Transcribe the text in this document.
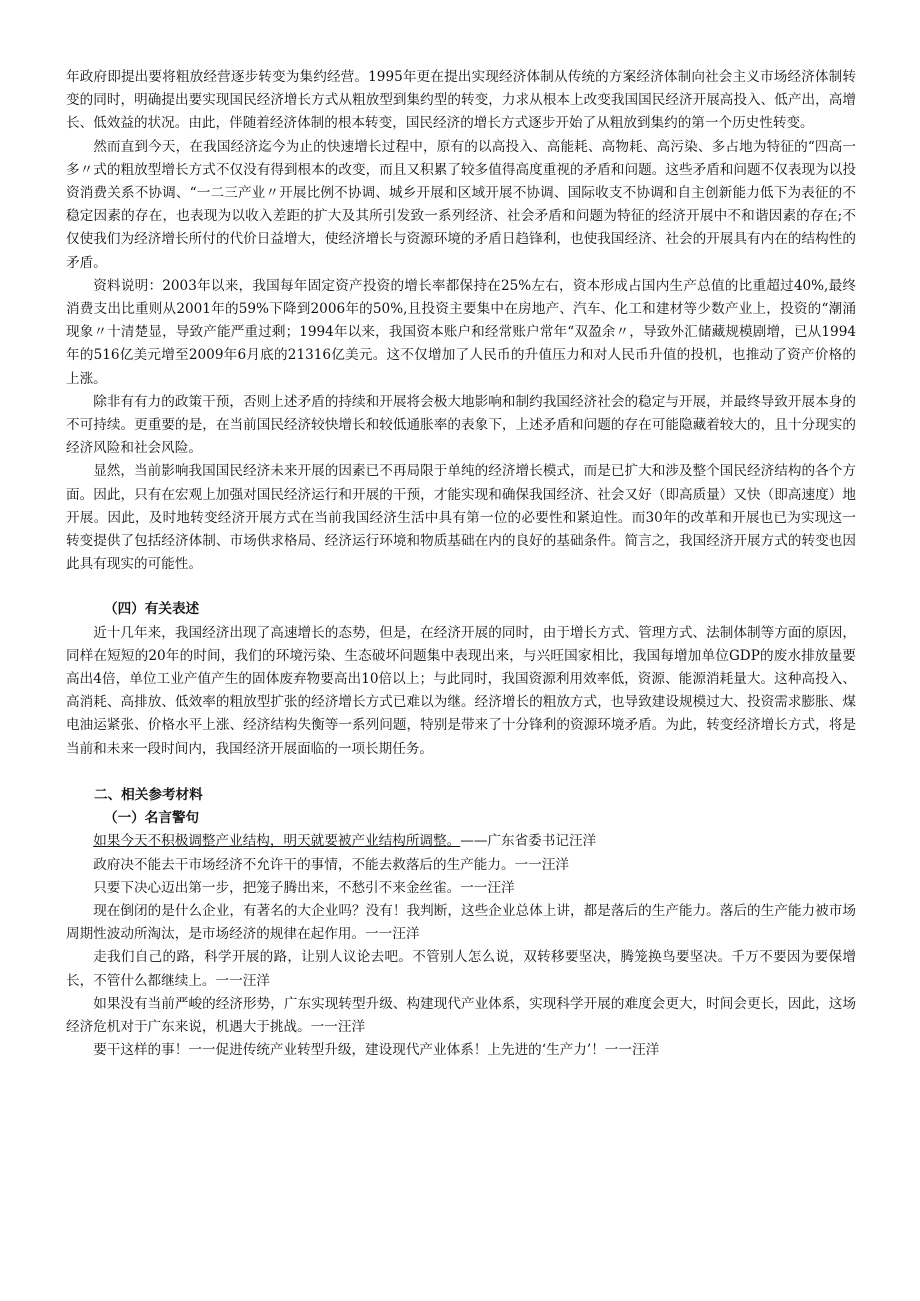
年政府即提出要将粗放经营逐步转变为集约经营。1995年更在提出实现经济体制从传统的方案经济体制向社会主义市场经济体制转变的同时，明确提出要实现国民经济增长方式从粗放型到集约型的转变，力求从根本上改变我国国民经济开展高投入、低产出，高增长、低效益的状况。由此，伴随着经济体制的根本转变，国民经济的增长方式逐步开始了从粗放到集约的第一个历史性转变。

然而直到今天，在我国经济迄今为止的快速增长过程中，原有的以高投入、高能耗、高物耗、高污染、多占地为特征的“四高一多〃式的粗放型增长方式不仅没有得到根本的改变，而且又积累了较多值得高度重视的矛盾和问题。这些矛盾和问题不仅表现为以投资消费关系不协调、“一二三产业〃开展比例不协调、城乡开展和区域开展不协调、国际收支不协调和自主创新能力低下为表征的不稳定因素的存在，也表现为以收入差距的扩大及其所引发致一系列经济、社会矛盾和问题为特征的经济开展中不和谐因素的存在;不仅使我们为经济增长所付的代价日益增大，使经济增长与资源环境的矛盾日趋锋利，也使我国经济、社会的开展具有内在的结构性的矛盾。

资料说明：2003年以来，我国每年固定资产投资的增长率都保持在25%左右，资本形成占国内生产总值的比重超过40%,最终消费支出比重则从2001年的59%下降到2006年的50%,且投资主要集中在房地产、汽车、化工和建材等少数产业上，投资的“潮涌现象〃十清楚显，导致产能严重过剩；1994年以来，我国资本账户和经常账户常年“双盈余〃，导致外汇储藏规模剧增，已从1994年的516亿美元增至2009年6月底的21316亿美元。这不仅增加了人民币的升值压力和对人民币升值的投机，也推动了资产价格的上涨。

除非有有力的政策干预，否则上述矛盾的持续和开展将会极大地影响和制约我国经济社会的稳定与开展，并最终导致开展本身的不可持续。更重要的是，在当前国民经济较快增长和较低通胀率的表象下，上述矛盾和问题的存在可能隐藏着较大的，且十分现实的经济风险和社会风险。

显然，当前影响我国国民经济未来开展的因素已不再局限于单纯的经济增长模式，而是已扩大和涉及整个国民经济结构的各个方面。因此，只有在宏观上加强对国民经济运行和开展的干预，才能实现和确保我国经济、社会又好（即高质量）又快（即高速度）地开展。因此，及时地转变经济开展方式在当前我国经济生活中具有第一位的必要性和紧迫性。而30年的改革和开展也已为实现这一转变提供了包括经济体制、市场供求格局、经济运行环境和物质基础在内的良好的基础条件。简言之，我国经济开展方式的转变也因此具有现实的可能性。

（四）有关表述

近十几年来，我国经济出现了高速增长的态势，但是，在经济开展的同时，由于增长方式、管理方式、法制体制等方面的原因，同样在短短的20年的时间，我们的环境污染、生态破坏问题集中表现出来，与兴旺国家相比，我国每增加单位GDP的废水排放量要高出4倍，单位工业产值产生的固体废弃物要高出10倍以上；与此同时，我国资源利用效率低，资源、能源消耗量大。这种高投入、高消耗、高排放、低效率的粗放型扩张的经济增长方式已难以为继。经济增长的粗放方式，也导致建设规模过大、投资需求膨胀、煤电油运紧张、价格水平上涨、经济结构失衡等一系列问题，特别是带来了十分锋利的资源环境矛盾。为此，转变经济增长方式，将是当前和未来一段时间内，我国经济开展面临的一项长期任务。

二、相关参考材料

（一）名言警句

如果今天不积极调整产业结构，明天就要被产业结构所调整。——广东省委书记汪洋

政府决不能去干市场经济不允许干的事情，不能去救落后的生产能力。一一汪洋

只要下决心迈出第一步，把笼子腾出来，不愁引不来金丝雀。一一汪洋

现在倒闭的是什么企业，有著名的大企业吗？没有！我判断，这些企业总体上讲，都是落后的生产能力。落后的生产能力被市场周期性波动所淘汰，是市场经济的规律在起作用。一一汪洋

走我们自己的路，科学开展的路，让别人议论去吧。不管别人怎么说，双转移要坚决，腾笼换鸟要坚决。千万不要因为要保增长，不管什么都继续上。一一汪洋

如果没有当前严峻的经济形势，广东实现转型升级、构建现代产业体系，实现科学开展的难度会更大，时间会更长，因此，这场经济危机对于广东来说，机遇大于挑战。一一汪洋

要干这样的事！一一促进传统产业转型升级，建设现代产业体系！上先进的‘生产力’！一一汪洋
